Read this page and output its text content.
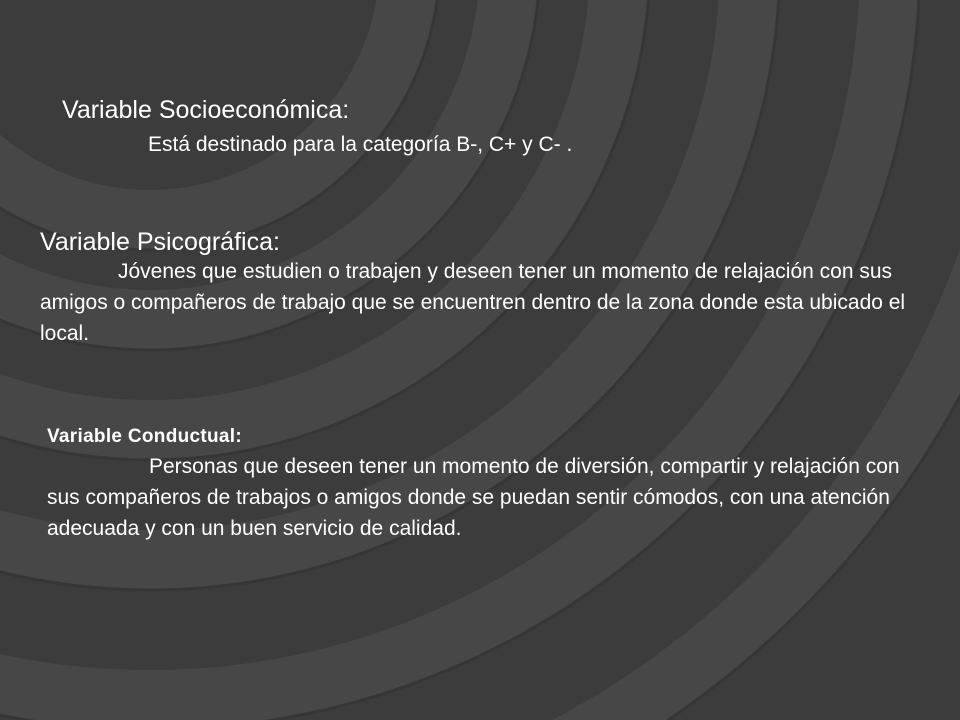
Variable Socioeconómica:
Está destinado para la categoría B-, C+ y C- .
Variable Psicográfica:
Jóvenes que estudien o trabajen y deseen tener un momento de relajación con sus amigos o compañeros de trabajo que se encuentren dentro de la zona donde esta ubicado el local.
Variable Conductual:
Personas que deseen tener un momento de diversión, compartir y relajación con sus compañeros de trabajos o amigos donde se puedan sentir cómodos, con una atención adecuada y con un buen servicio de calidad.
